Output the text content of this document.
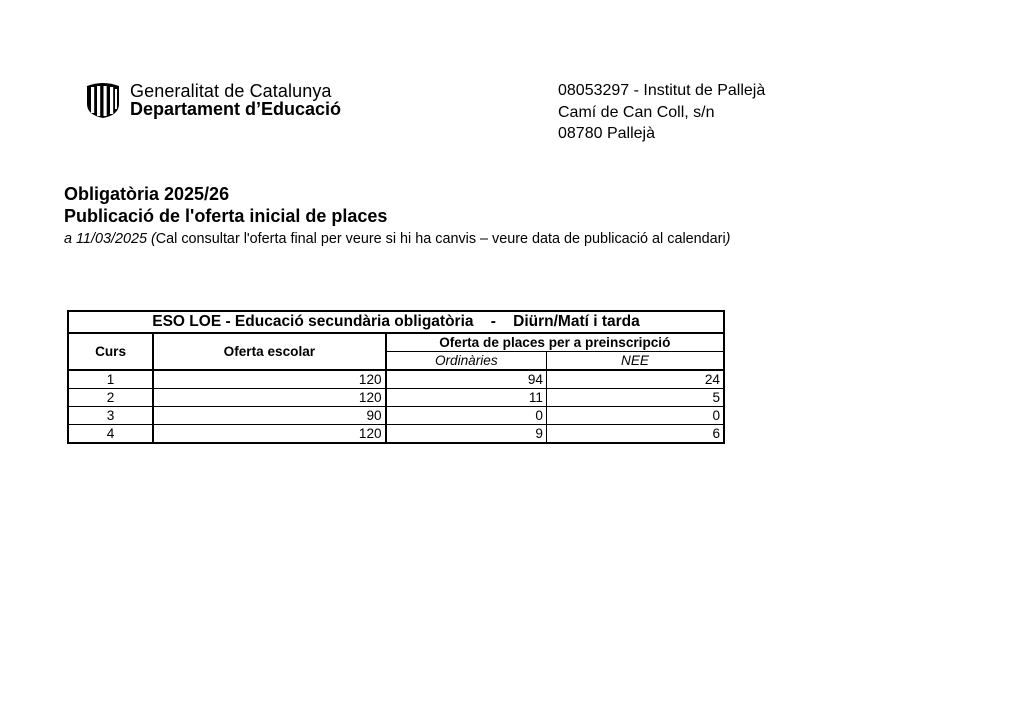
Generalitat de Catalunya
Departament d’Educació
08053297 - Institut de Pallejà
Camí de Can Coll, s/n
08780 Pallejà
Obligatòria 2025/26
Publicació de l'oferta inicial de places
a 11/03/2025 (Cal consultar l'oferta final per veure si hi ha canvis – veure data de publicació al calendari)
ESO LOE - Educació secundària obligatòria    -    Diürn/Matí i tarda			
Curs	Oferta escolar	Oferta de places per a preinscripció	
		Ordinàries	NEE
1	120	94	24
2	120	11	5
3	90	0	0
4	120	9	6
